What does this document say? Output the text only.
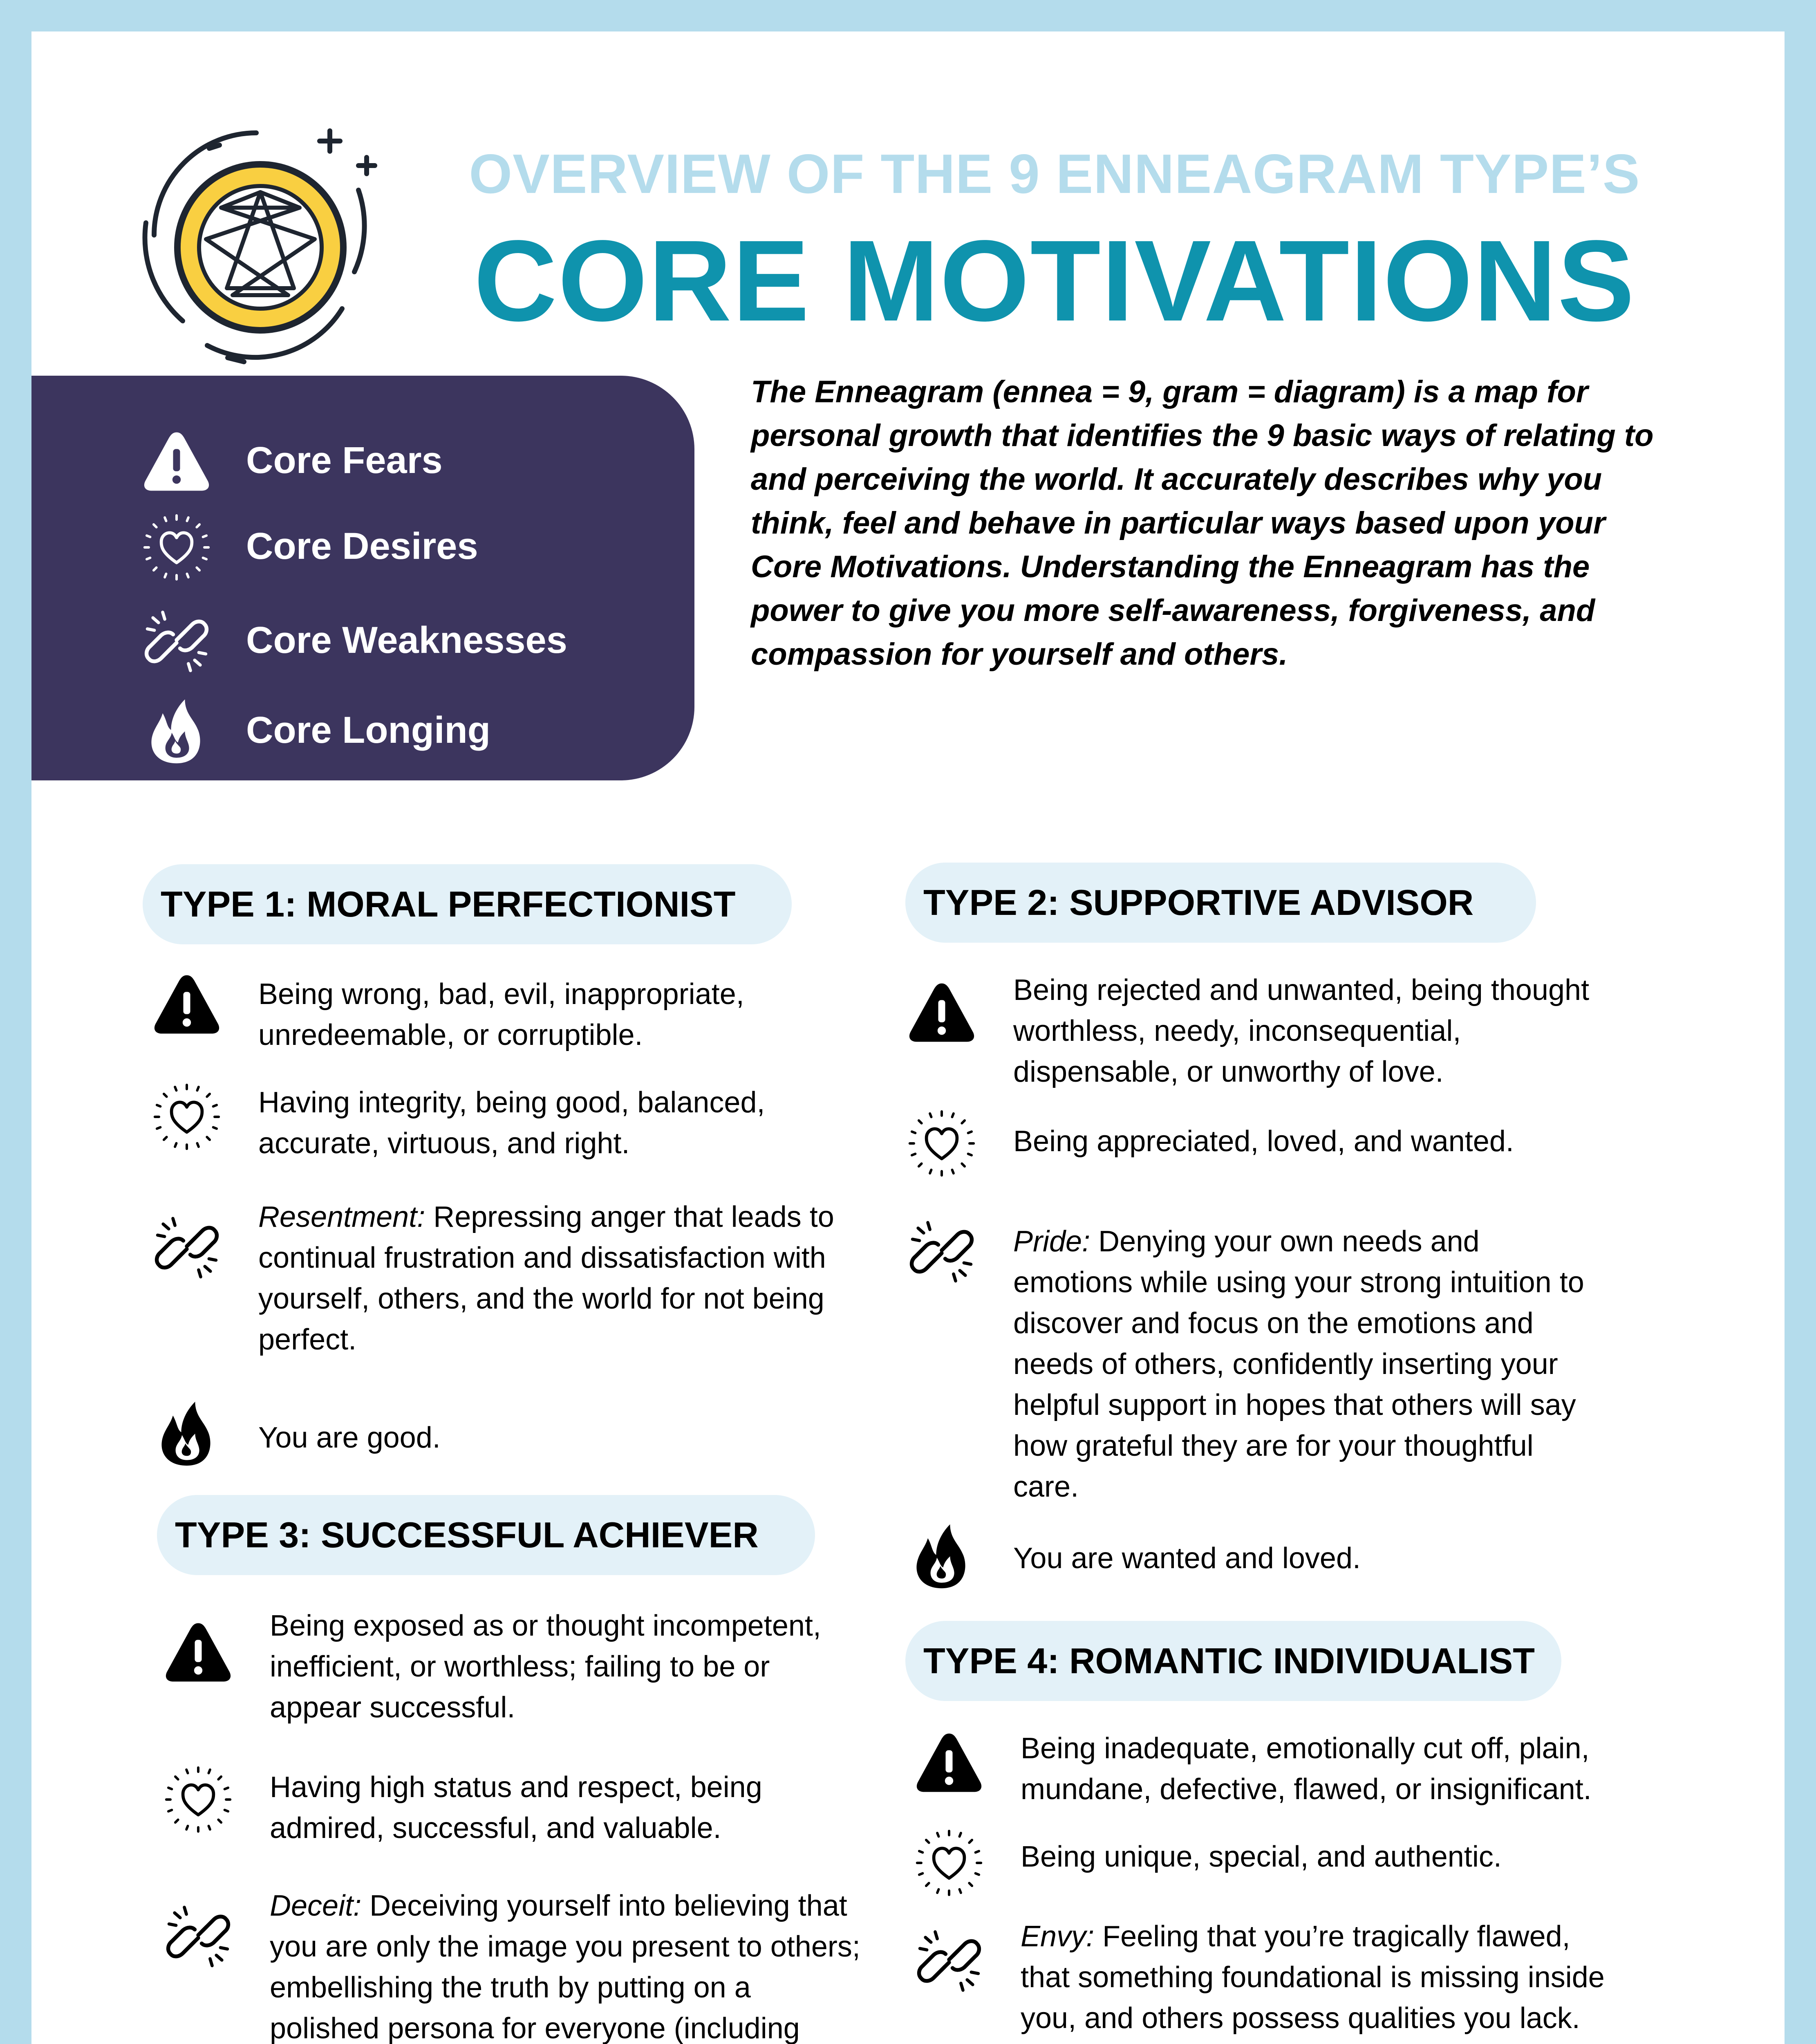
OVERVIEW OF THE 9 ENNEAGRAM TYPE’S
CORE MOTIVATIONS
Core Fears
Core Desires
Core Weaknesses
Core Longing

The Enneagram (ennea = 9, gram = diagram) is a map for personal growth that identifies the 9 basic ways of relating to and perceiving the world. It accurately describes why you think, feel and behave in particular ways based upon your Core Motivations. Understanding the Enneagram has the power to give you more self-awareness, forgiveness, and compassion for yourself and others.

TYPE 1: MORAL PERFECTIONIST
Being wrong, bad, evil, inappropriate, unredeemable, or corruptible.
Having integrity, being good, balanced, accurate, virtuous, and right.
Resentment: Repressing anger that leads to continual frustration and dissatisfaction with yourself, others, and the world for not being perfect.
You are good.
TYPE 2: SUPPORTIVE ADVISOR
Being rejected and unwanted, being thought worthless, needy, inconsequential, dispensable, or unworthy of love.
Being appreciated, loved, and wanted.
Pride: Denying your own needs and emotions while using your strong intuition to discover and focus on the emotions and needs of others, confidently inserting your helpful support in hopes that others will say how grateful they are for your thoughtful care.
You are wanted and loved.
TYPE 3: SUCCESSFUL ACHIEVER
Being exposed as or thought incompetent, inefficient, or worthless; failing to be or appear successful.
Having high status and respect, being admired, successful, and valuable.
Deceit: Deceiving yourself into believing that you are only the image you present to others; embellishing the truth by putting on a polished persona for everyone (including
TYPE 4: ROMANTIC INDIVIDUALIST
Being inadequate, emotionally cut off, plain, mundane, defective, flawed, or insignificant.
Being unique, special, and authentic.
Envy: Feeling that you’re tragically flawed, that something foundational is missing inside you, and others possess qualities you lack.
